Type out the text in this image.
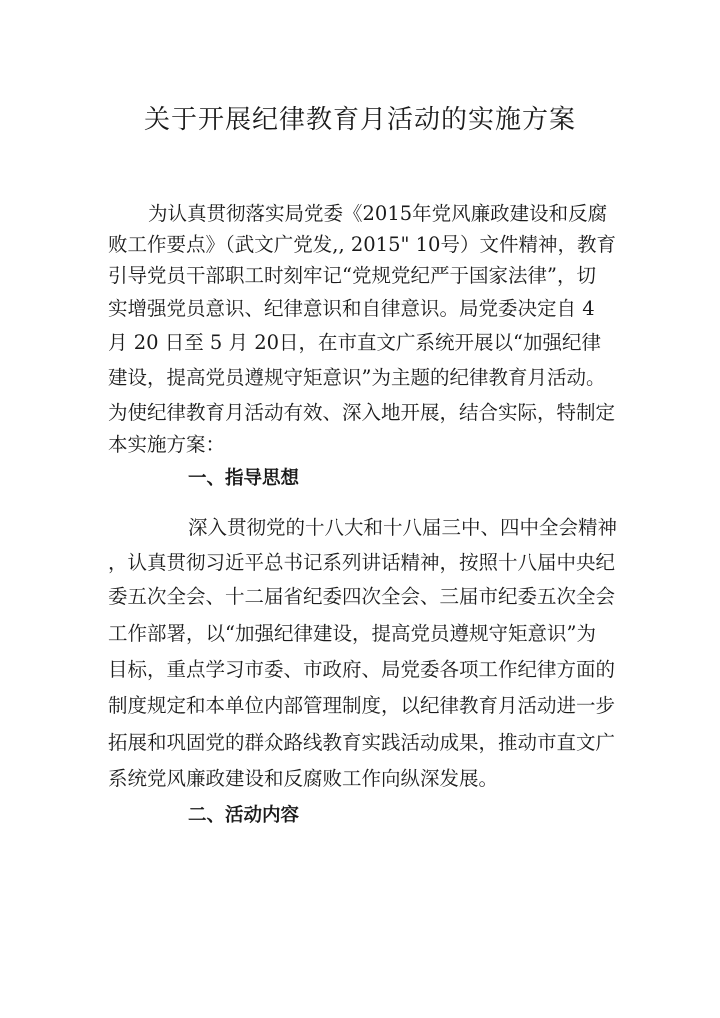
关于开展纪律教育月活动的实施方案
为认真贯彻落实局党委《2015年党风廉政建设和反腐
败工作要点》（武文广党发,, 2015" 10号）文件精神，教育
引导党员干部职工时刻牢记“党规党纪严于国家法律”，切
实增强党员意识、纪律意识和自律意识。局党委决定自 4
月 20 日至 5 月 20日，在市直文广系统开展以“加强纪律
建设，提高党员遵规守矩意识”为主题的纪律教育月活动。
为使纪律教育月活动有效、深入地开展，结合实际，特制定
本实施方案：
一、指导思想
深入贯彻党的十八大和十八届三中、四中全会精神
，认真贯彻习近平总书记系列讲话精神，按照十八届中央纪
委五次全会、十二届省纪委四次全会、三届市纪委五次全会
工作部署，以“加强纪律建设，提高党员遵规守矩意识”为
目标，重点学习市委、市政府、局党委各项工作纪律方面的
制度规定和本单位内部管理制度，以纪律教育月活动进一步
拓展和巩固党的群众路线教育实践活动成果，推动市直文广
系统党风廉政建设和反腐败工作向纵深发展。
二、活动内容
